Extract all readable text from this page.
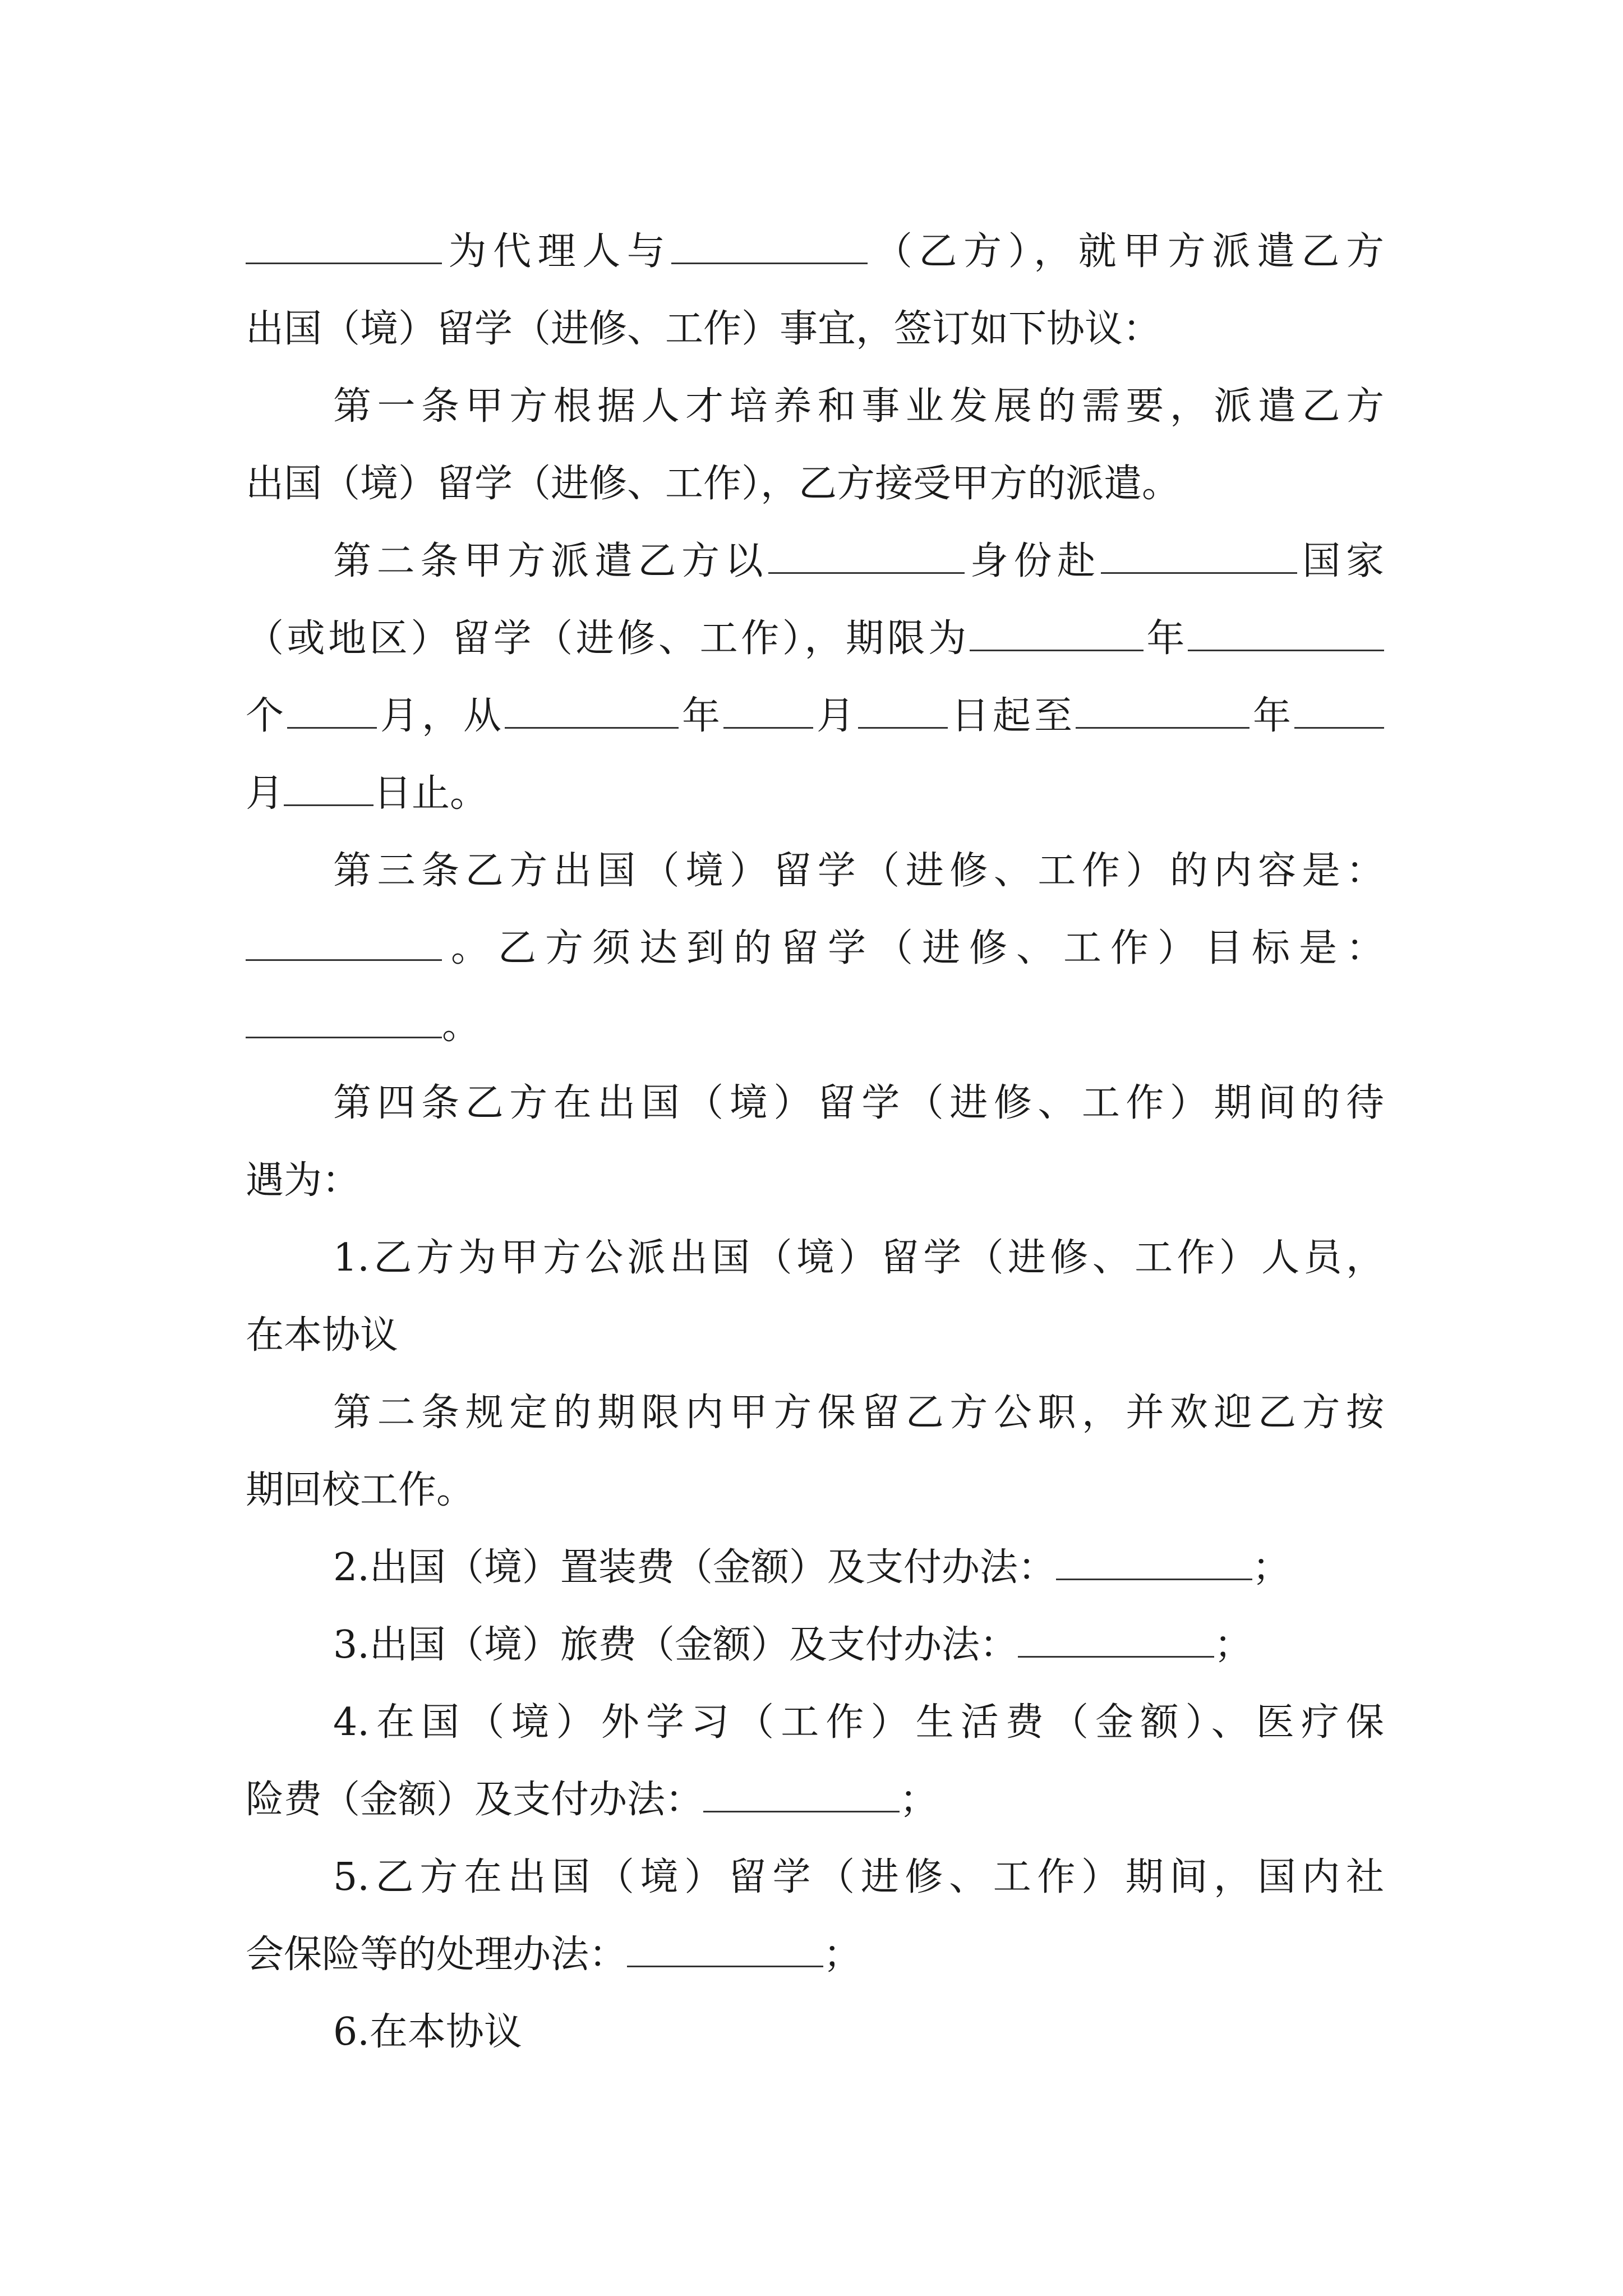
为代理人与	（乙方），就甲方派遣乙方
出国（境）留学（进修、工作）事宜，签订如下协议：
第一条甲方根据人才培养和事业发展的需要，派遣乙方
出国（境）留学（进修、工作），乙方接受甲方的派遣。
第二条甲方派遣乙方以	身份赴	国家
（或地区）留学（进修、工作），期限为	年
个 月，从	年 月 日起至	年
月 日止。
第三条乙方出国（境）留学（进修、工作）的内容是：
。乙方须达到的留学（进修、工作）目标是：
。
第四条乙方在出国（境）留学（进修、工作）期间的待
遇为：
1.乙方为甲方公派出国（境）留学（进修、工作）人员，
在本协议
第二条规定的期限内甲方保留乙方公职，并欢迎乙方按
期回校工作。
2.出国（境）置装费（金额）及支付办法：	；
3.出国（境）旅费（金额）及支付办法：	；
4.在国（境）外学习（工作）生活费（金额）、医疗保
险费（金额）及支付办法：	；
5.乙方在出国（境）留学（进修、工作）期间，国内社
会保险等的处理办法：	；
6.在本协议
